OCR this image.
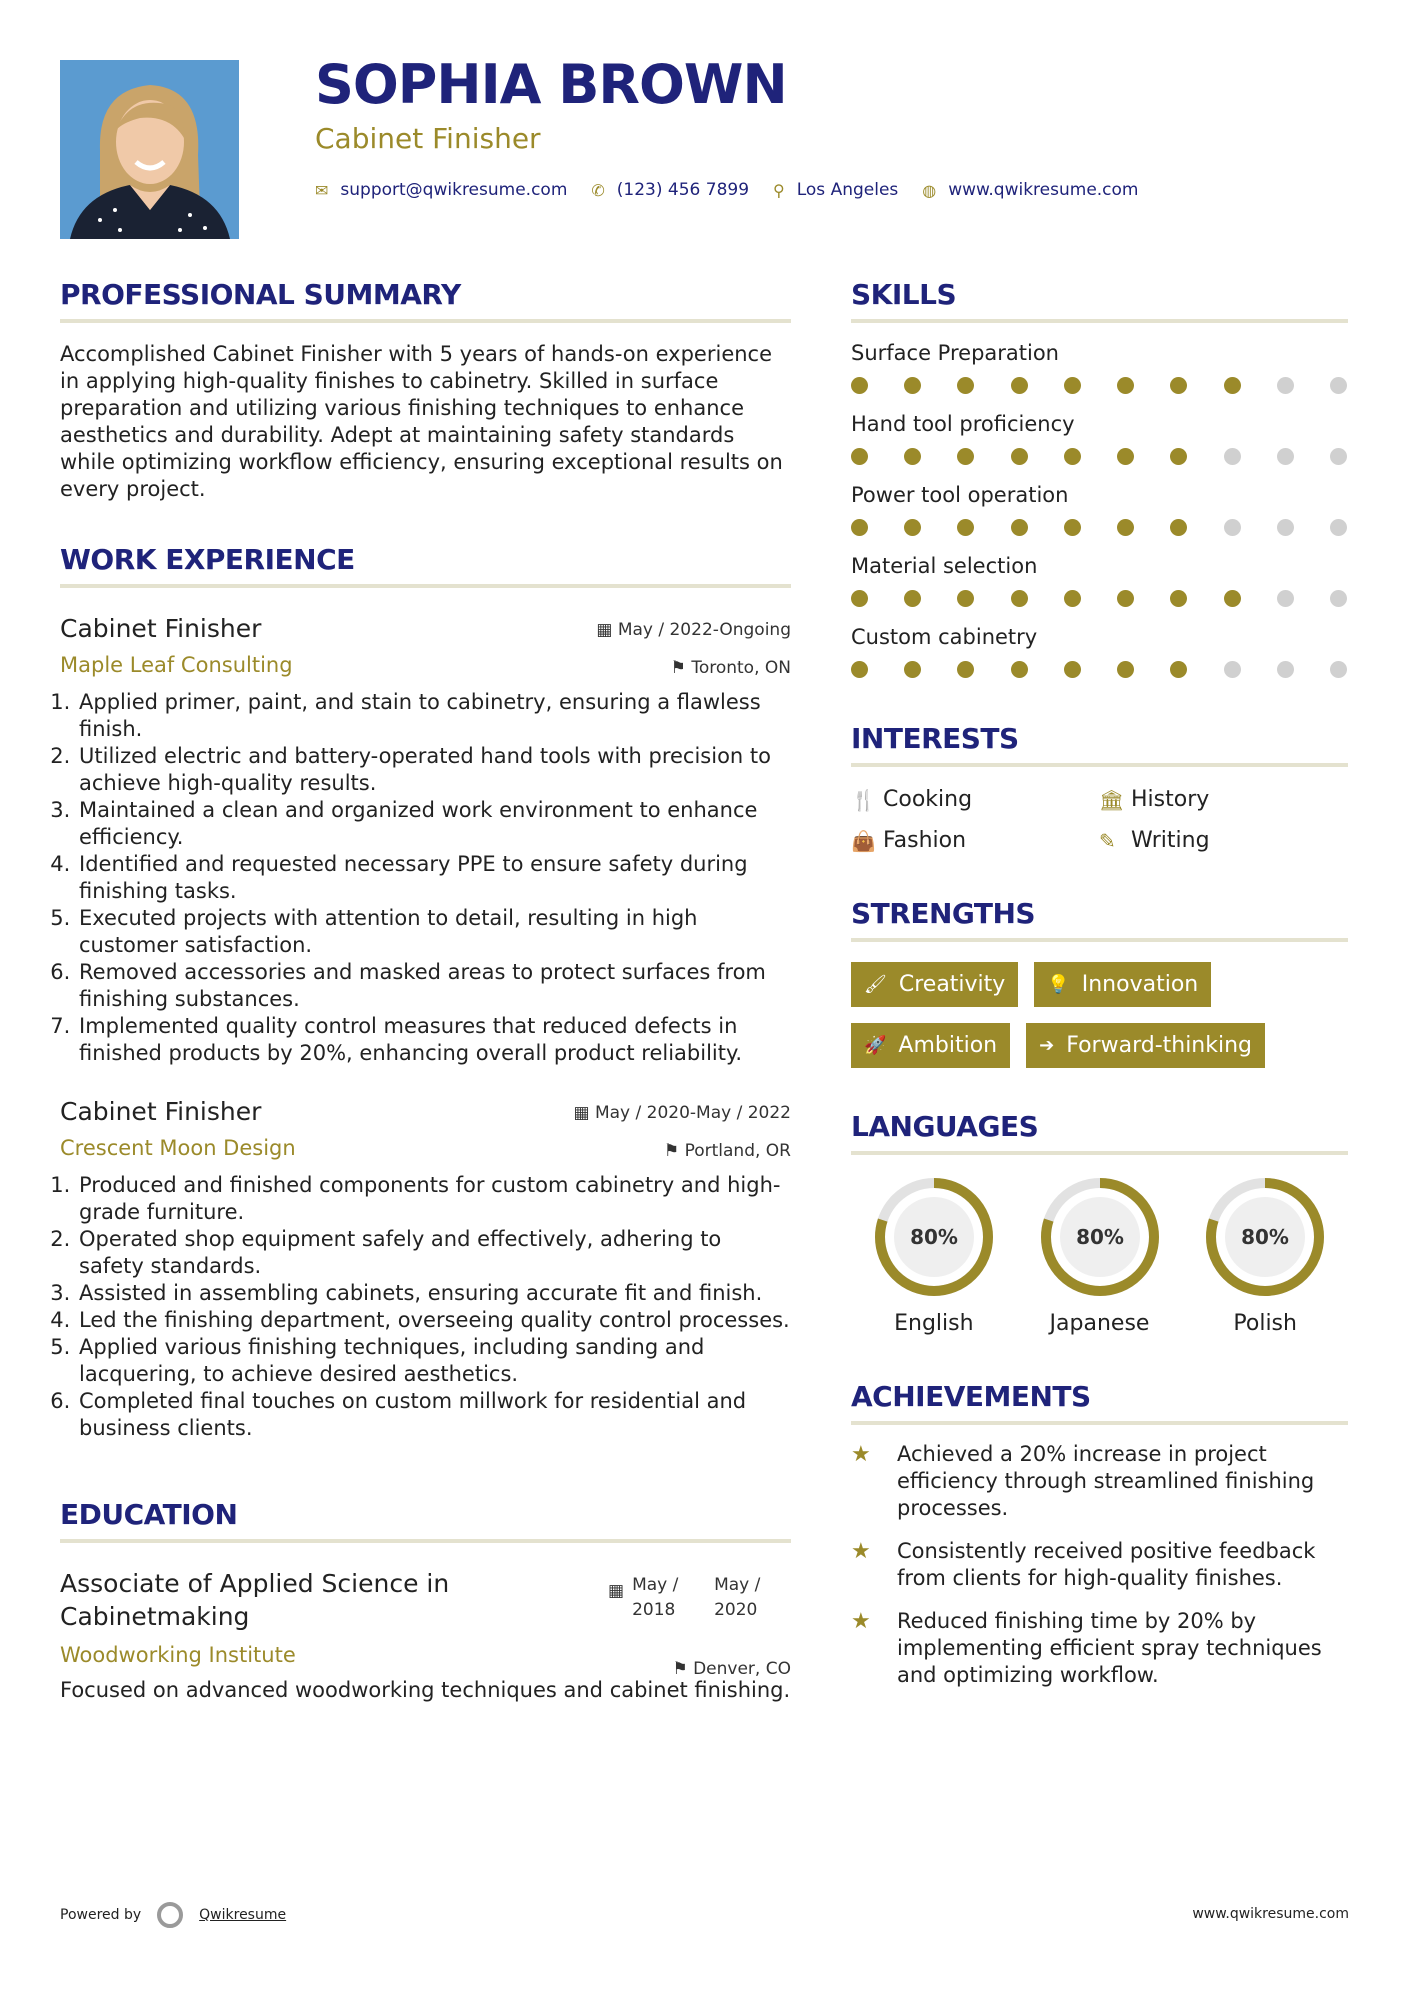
SOPHIA BROWN
Cabinet Finisher
✉ support@qwikresume.com ✆ (123) 456 7899 ⚲ Los Angeles ◍ www.qwikresume.com
PROFESSIONAL SUMMARY
Accomplished Cabinet Finisher with 5 years of hands-on experience in applying high-quality finishes to cabinetry. Skilled in surface preparation and utilizing various finishing techniques to enhance aesthetics and durability. Adept at maintaining safety standards while optimizing workflow efficiency, ensuring exceptional results on every project.
WORK EXPERIENCE
Cabinet Finisher
Maple Leaf Consulting
▦ May / 2022-Ongoing
⚑ Toronto, ON
1. Applied primer, paint, and stain to cabinetry, ensuring a flawless finish.
2. Utilized electric and battery-operated hand tools with precision to achieve high-quality results.
3. Maintained a clean and organized work environment to enhance efficiency.
4. Identified and requested necessary PPE to ensure safety during finishing tasks.
5. Executed projects with attention to detail, resulting in high customer satisfaction.
6. Removed accessories and masked areas to protect surfaces from finishing substances.
7. Implemented quality control measures that reduced defects in finished products by 20%, enhancing overall product reliability.
Cabinet Finisher
Crescent Moon Design
▦ May / 2020-May / 2022
⚑ Portland, OR
1. Produced and finished components for custom cabinetry and high-grade furniture.
2. Operated shop equipment safely and effectively, adhering to safety standards.
3. Assisted in assembling cabinets, ensuring accurate fit and finish.
4. Led the finishing department, overseeing quality control processes.
5. Applied various finishing techniques, including sanding and lacquering, to achieve desired aesthetics.
6. Completed final touches on custom millwork for residential and business clients.
EDUCATION
Associate of Applied Science in Cabinetmaking
Woodworking Institute
▦ May / 2018
May / 2020
⚑ Denver, CO
Focused on advanced woodworking techniques and cabinet finishing.
SKILLS
Surface Preparation
Hand tool proficiency
Power tool operation
Material selection
Custom cabinetry
INTERESTS
🍴 Cooking	🏛 History
👜 Fashion	✎ Writing
STRENGTHS
🖌 Creativity 💡 Innovation
🚀 Ambition ➔ Forward-thinking
LANGUAGES
80%
English
80%
Japanese
80%
Polish
ACHIEVEMENTS
★	Achieved a 20% increase in project efficiency through streamlined finishing processes.
★	Consistently received positive feedback from clients for high-quality finishes.
★	Reduced finishing time by 20% by implementing efficient spray techniques and optimizing workflow.
Powered by	Qwikresume	www.qwikresume.com
